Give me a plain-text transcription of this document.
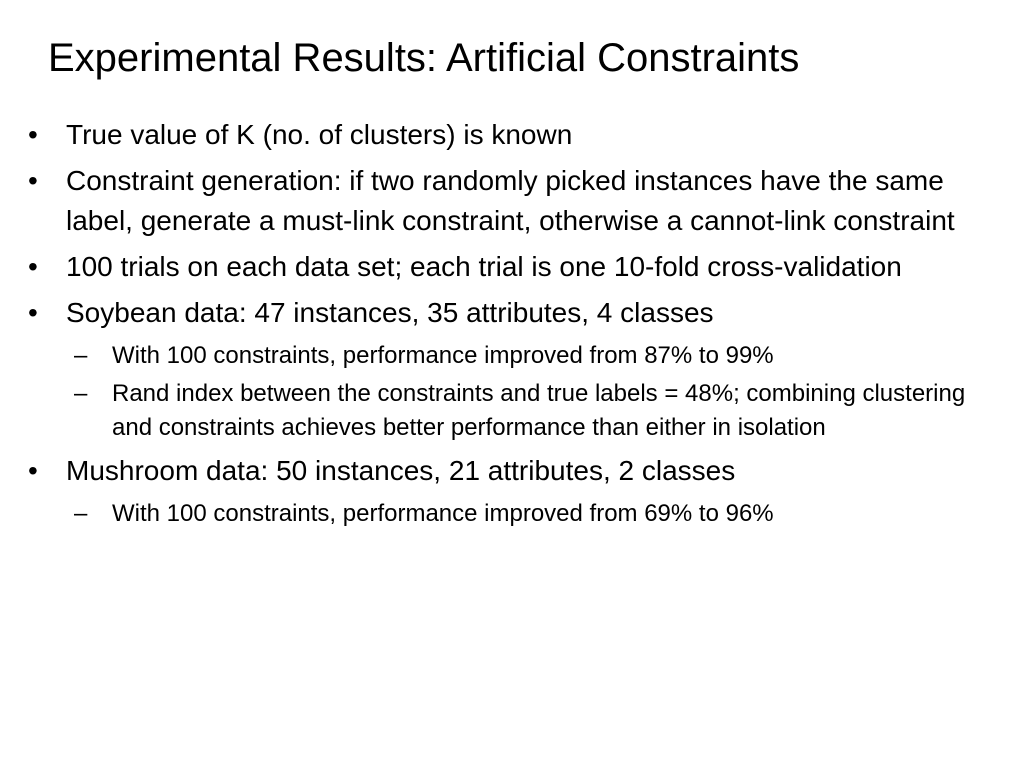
Experimental Results: Artificial Constraints
•	True value of K (no. of clusters) is known
•	Constraint generation: if two randomly picked instances have the same label, generate a must-link constraint, otherwise a cannot-link constraint
•	100 trials on each data set; each trial is one 10-fold cross-validation
•	Soybean data: 47 instances, 35 attributes, 4 classes
–	With 100 constraints, performance improved from 87% to 99%
–	Rand index between the constraints and true labels = 48%; combining clustering and constraints achieves better performance than either in isolation
•	Mushroom data: 50 instances, 21 attributes, 2 classes
–	With 100 constraints, performance improved from 69% to 96%
